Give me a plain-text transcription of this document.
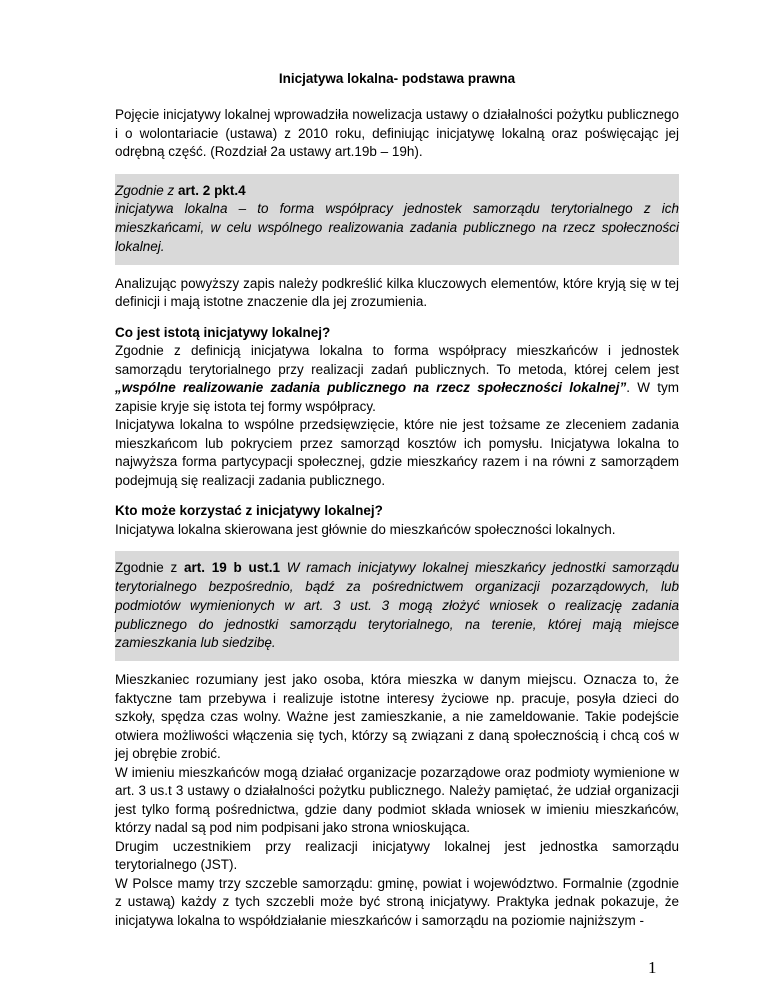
Inicjatywa lokalna- podstawa prawna

Pojęcie inicjatywy lokalnej wprowadziła nowelizacja ustawy o działalności pożytku publicznego i o wolontariacie (ustawa) z 2010 roku, definiując inicjatywę lokalną oraz poświęcając jej odrębną część. (Rozdział 2a ustawy art.19b – 19h).

Zgodnie z art. 2 pkt.4

inicjatywa lokalna – to forma współpracy jednostek samorządu terytorialnego z ich mieszkańcami, w celu wspólnego realizowania zadania publicznego na rzecz społeczności lokalnej.

Analizując powyższy zapis należy podkreślić kilka kluczowych elementów, które kryją się w tej definicji i mają istotne znaczenie dla jej zrozumienia.

Co jest istotą inicjatywy lokalnej?

Zgodnie z definicją inicjatywa lokalna to forma współpracy mieszkańców i jednostek samorządu terytorialnego przy realizacji zadań publicznych. To metoda, której celem jest „wspólne realizowanie zadania publicznego na rzecz społeczności lokalnej”. W tym zapisie kryje się istota tej formy współpracy.

Inicjatywa lokalna to wspólne przedsięwzięcie, które nie jest tożsame ze zleceniem zadania mieszkańcom lub pokryciem przez samorząd kosztów ich pomysłu. Inicjatywa lokalna to najwyższa forma partycypacji społecznej, gdzie mieszkańcy razem i na równi z samorządem podejmują się realizacji zadania publicznego.

Kto może korzystać z inicjatywy lokalnej?

Inicjatywa lokalna skierowana jest głównie do mieszkańców społeczności lokalnych.

Zgodnie z art. 19 b ust.1 W ramach inicjatywy lokalnej mieszkańcy jednostki samorządu terytorialnego bezpośrednio, bądź za pośrednictwem organizacji pozarządowych, lub podmiotów wymienionych w art. 3 ust. 3 mogą złożyć wniosek o realizację zadania publicznego do jednostki samorządu terytorialnego, na terenie, której mają miejsce zamieszkania lub siedzibę.

Mieszkaniec rozumiany jest jako osoba, która mieszka w danym miejscu. Oznacza to, że faktyczne tam przebywa i realizuje istotne interesy życiowe np. pracuje, posyła dzieci do szkoły, spędza czas wolny. Ważne jest zamieszkanie, a nie zameldowanie. Takie podejście otwiera możliwości włączenia się tych, którzy są związani z daną społecznością i chcą coś w jej obrębie zrobić.

W imieniu mieszkańców mogą działać organizacje pozarządowe oraz podmioty wymienione w art. 3 us.t 3 ustawy o działalności pożytku publicznego. Należy pamiętać, że udział organizacji jest tylko formą pośrednictwa, gdzie dany podmiot składa wniosek w imieniu mieszkańców, którzy nadal są pod nim podpisani jako strona wnioskująca.

Drugim uczestnikiem przy realizacji inicjatywy lokalnej jest jednostka samorządu terytorialnego (JST).

W Polsce mamy trzy szczeble samorządu: gminę, powiat i województwo. Formalnie (zgodnie z ustawą) każdy z tych szczebli może być stroną inicjatywy. Praktyka jednak pokazuje, że inicjatywa lokalna to współdziałanie mieszkańców i samorządu na poziomie najniższym -

1
